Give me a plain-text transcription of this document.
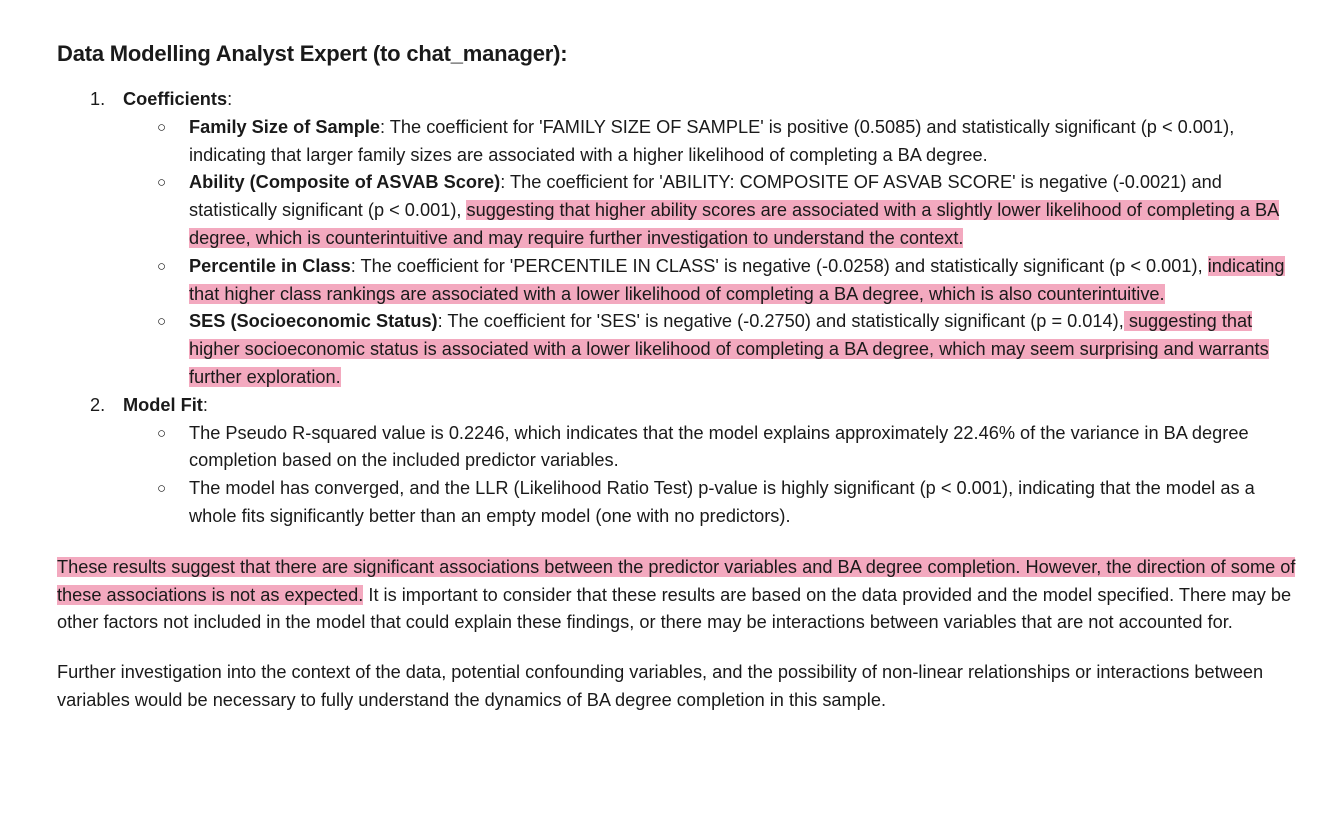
Data Modelling Analyst Expert (to chat_manager):
1. Coefficients:
○ Family Size of Sample: The coefficient for 'FAMILY SIZE OF SAMPLE' is positive (0.5085) and statistically significant (p < 0.001), indicating that larger family sizes are associated with a higher likelihood of completing a BA degree.
○ Ability (Composite of ASVAB Score): The coefficient for 'ABILITY: COMPOSITE OF ASVAB SCORE' is negative (-0.0021) and statistically significant (p < 0.001), suggesting that higher ability scores are associated with a slightly lower likelihood of completing a BA degree, which is counterintuitive and may require further investigation to understand the context.
○ Percentile in Class: The coefficient for 'PERCENTILE IN CLASS' is negative (-0.0258) and statistically significant (p < 0.001), indicating that higher class rankings are associated with a lower likelihood of completing a BA degree, which is also counterintuitive.
○ SES (Socioeconomic Status): The coefficient for 'SES' is negative (-0.2750) and statistically significant (p = 0.014), suggesting that higher socioeconomic status is associated with a lower likelihood of completing a BA degree, which may seem surprising and warrants further exploration.
2. Model Fit:
○ The Pseudo R-squared value is 0.2246, which indicates that the model explains approximately 22.46% of the variance in BA degree completion based on the included predictor variables.
○ The model has converged, and the LLR (Likelihood Ratio Test) p-value is highly significant (p < 0.001), indicating that the model as a whole fits significantly better than an empty model (one with no predictors).
These results suggest that there are significant associations between the predictor variables and BA degree completion. However, the direction of some of these associations is not as expected. It is important to consider that these results are based on the data provided and the model specified. There may be other factors not included in the model that could explain these findings, or there may be interactions between variables that are not accounted for.
Further investigation into the context of the data, potential confounding variables, and the possibility of non-linear relationships or interactions between variables would be necessary to fully understand the dynamics of BA degree completion in this sample.
